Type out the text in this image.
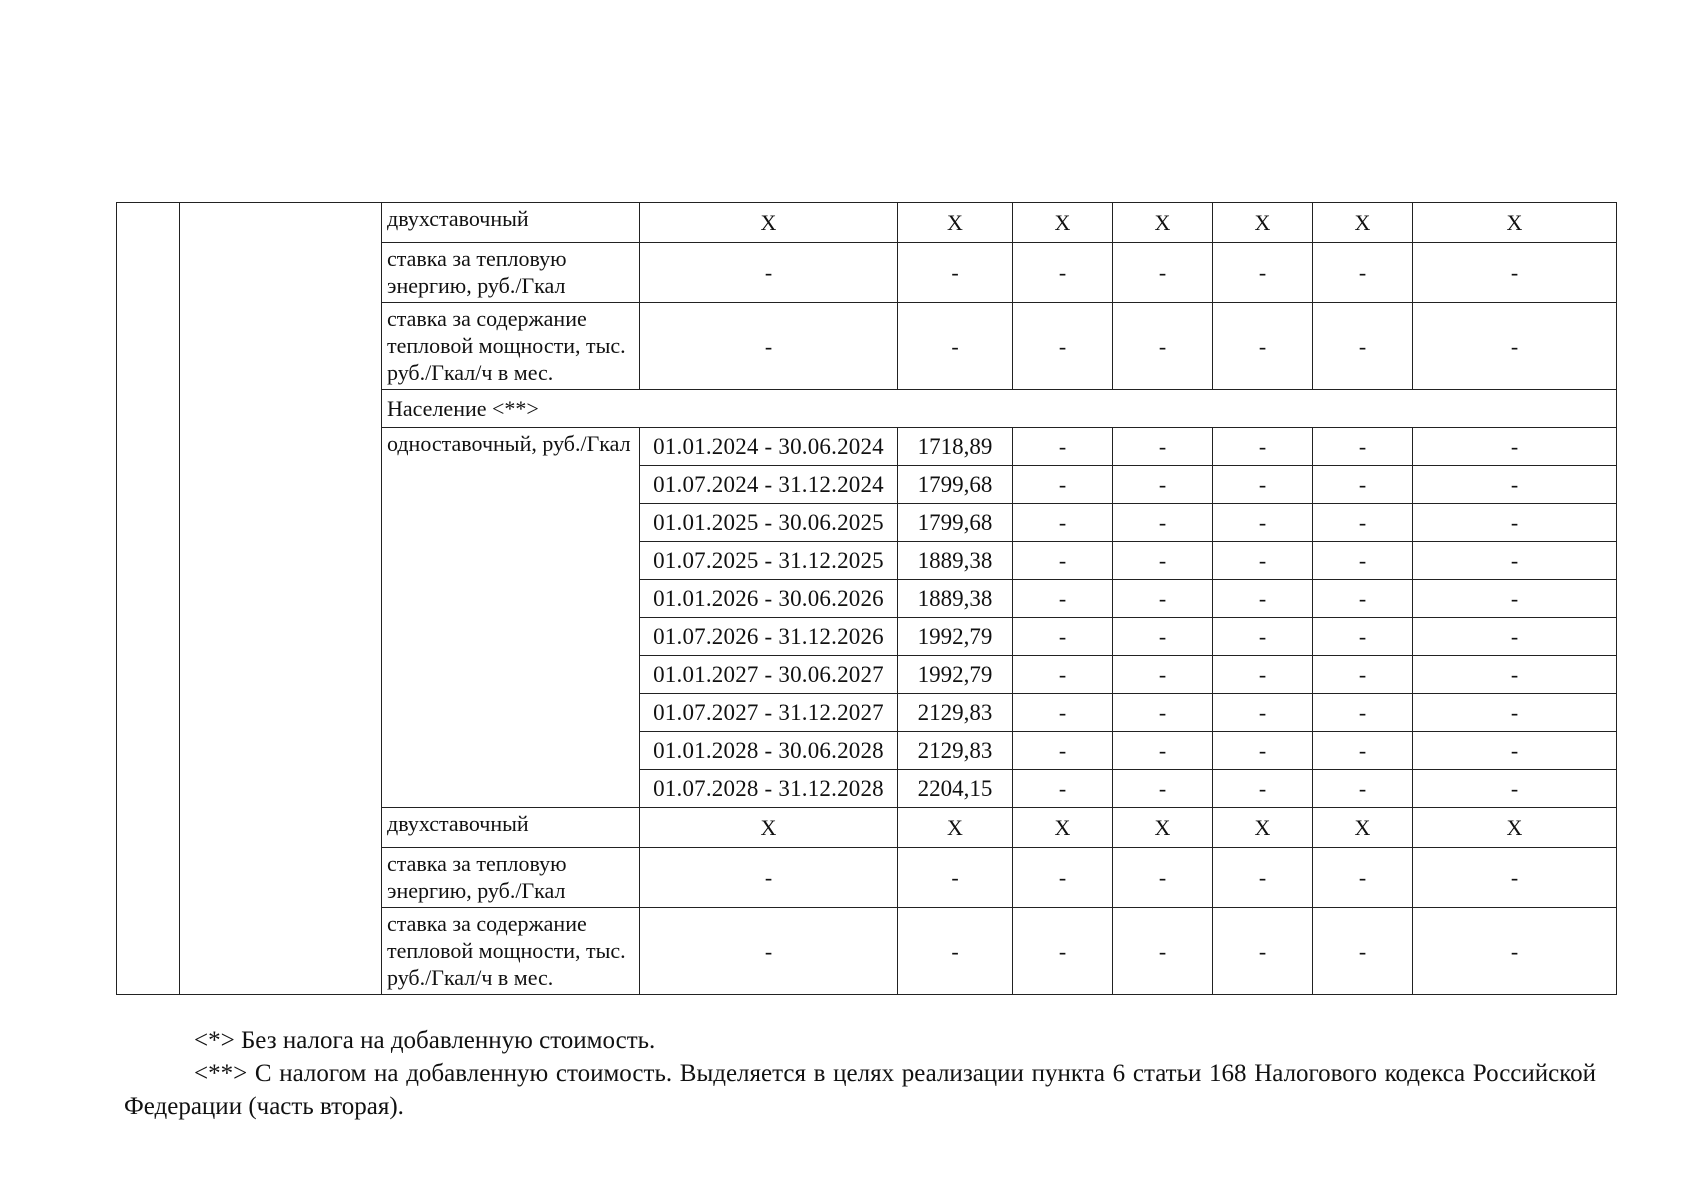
		двухставочный	Х	Х	Х	Х	Х	Х	Х
		ставка за тепловую энергию, руб./Гкал	-	-	-	-	-	-	-
		ставка за содержание тепловой мощности, тыс. руб./Гкал/ч в мес.	-	-	-	-	-	-	-
		Население <**>							
		одноставочный, руб./Гкал	01.01.2024 - 30.06.2024	1718,89	-	-	-	-	-
			01.07.2024 - 31.12.2024	1799,68	-	-	-	-	-
			01.01.2025 - 30.06.2025	1799,68	-	-	-	-	-
			01.07.2025 - 31.12.2025	1889,38	-	-	-	-	-
			01.01.2026 - 30.06.2026	1889,38	-	-	-	-	-
			01.07.2026 - 31.12.2026	1992,79	-	-	-	-	-
			01.01.2027 - 30.06.2027	1992,79	-	-	-	-	-
			01.07.2027 - 31.12.2027	2129,83	-	-	-	-	-
			01.01.2028 - 30.06.2028	2129,83	-	-	-	-	-
			01.07.2028 - 31.12.2028	2204,15	-	-	-	-	-
		двухставочный	Х	Х	Х	Х	Х	Х	Х
		ставка за тепловую энергию, руб./Гкал	-	-	-	-	-	-	-
		ставка за содержание тепловой мощности, тыс. руб./Гкал/ч в мес.	-	-	-	-	-	-	-

<*> Без налога на добавленную стоимость.

<**> С налогом на добавленную стоимость. Выделяется в целях реализации пункта 6 статьи 168 Налогового кодекса Российской Федерации (часть вторая).
